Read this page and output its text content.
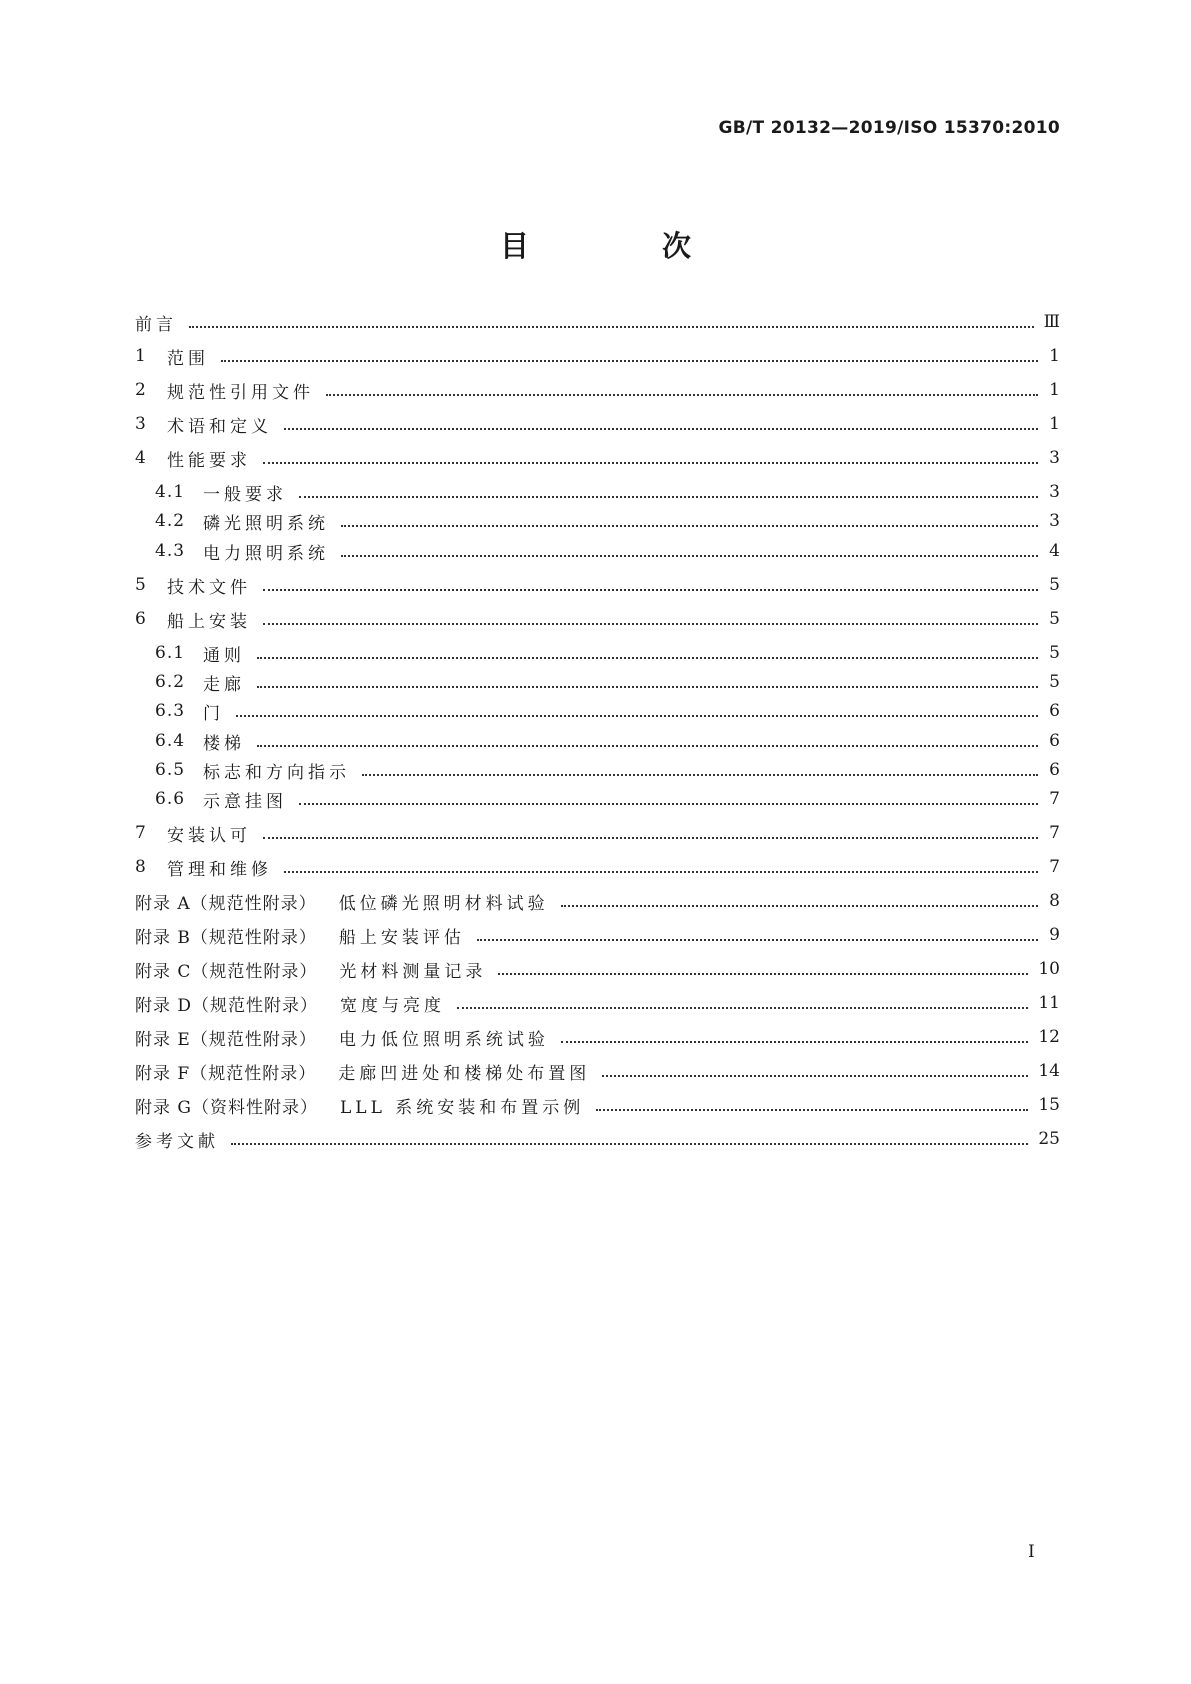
GB/T 20132—2019/ISO 15370:2010
目　次
前言	Ⅲ
1	范围	1
2	规范性引用文件	1
3	术语和定义	1
4	性能要求	3
4.1	一般要求	3
4.2	磷光照明系统	3
4.3	电力照明系统	4
5	技术文件	5
6	船上安装	5
6.1	通则	5
6.2	走廊	5
6.3	门	6
6.4	楼梯	6
6.5	标志和方向指示	6
6.6	示意挂图	7
7	安装认可	7
8	管理和维修	7
附录 A（规范性附录） 低位磷光照明材料试验	8
附录 B（规范性附录） 船上安装评估	9
附录 C（规范性附录） 光材料测量记录	10
附录 D（规范性附录） 宽度与亮度	11
附录 E（规范性附录） 电力低位照明系统试验	12
附录 F（规范性附录） 走廊凹进处和楼梯处布置图	14
附录 G（资料性附录） LLL 系统安装和布置示例	15
参考文献	25
I
